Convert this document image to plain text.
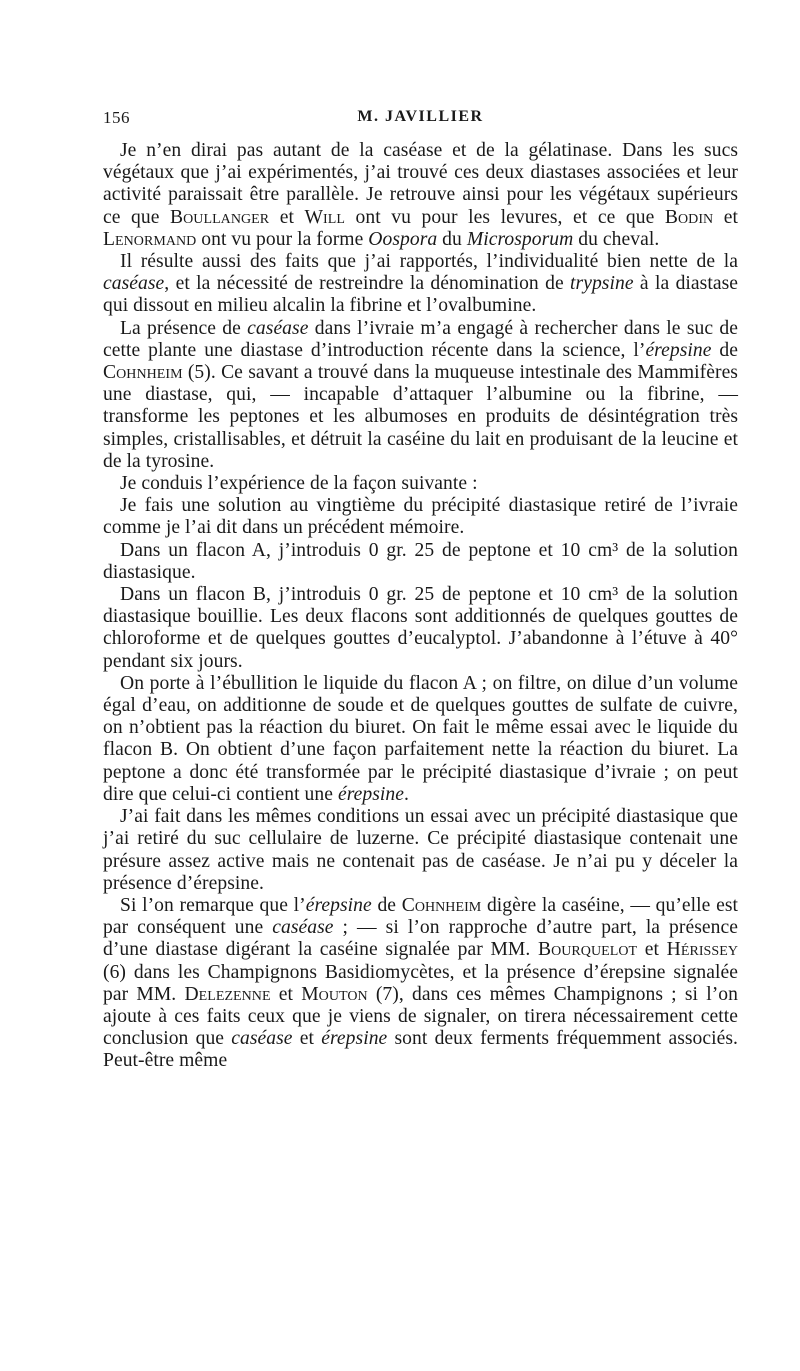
156	M. JAVILLIER

Je n’en dirai pas autant de la caséase et de la gélatinase. Dans les sucs végétaux que j’ai expérimentés, j’ai trouvé ces deux diastases associées et leur activité paraissait être parallèle. Je retrouve ainsi pour les végétaux supérieurs ce que Boullanger et Will ont vu pour les levures, et ce que Bodin et Lenormand ont vu pour la forme Oospora du Microsporum du cheval.

Il résulte aussi des faits que j’ai rapportés, l’individualité bien nette de la caséase, et la nécessité de restreindre la dénomination de trypsine à la diastase qui dissout en milieu alcalin la fibrine et l’ovalbumine.

La présence de caséase dans l’ivraie m’a engagé à rechercher dans le suc de cette plante une diastase d’introduction récente dans la science, l’érepsine de Cohnheim (5). Ce savant a trouvé dans la muqueuse intestinale des Mammifères une diastase, qui, — incapable d’attaquer l’albumine ou la fibrine, — transforme les peptones et les albumoses en produits de désintégration très simples, cristallisables, et détruit la caséine du lait en produisant de la leucine et de la tyrosine.

Je conduis l’expérience de la façon suivante :

Je fais une solution au vingtième du précipité diastasique retiré de l’ivraie comme je l’ai dit dans un précédent mémoire.

Dans un flacon A, j’introduis 0 gr. 25 de peptone et 10 cm³ de la solution diastasique.

Dans un flacon B, j’introduis 0 gr. 25 de peptone et 10 cm³ de la solution diastasique bouillie. Les deux flacons sont additionnés de quelques gouttes de chloroforme et de quelques gouttes d’eucalyptol. J’abandonne à l’étuve à 40° pendant six jours.

On porte à l’ébullition le liquide du flacon A ; on filtre, on dilue d’un volume égal d’eau, on additionne de soude et de quelques gouttes de sulfate de cuivre, on n’obtient pas la réaction du biuret. On fait le même essai avec le liquide du flacon B. On obtient d’une façon parfaitement nette la réaction du biuret. La peptone a donc été transformée par le précipité diastasique d’ivraie ; on peut dire que celui-ci contient une érepsine.

J’ai fait dans les mêmes conditions un essai avec un précipité diastasique que j’ai retiré du suc cellulaire de luzerne. Ce précipité diastasique contenait une présure assez active mais ne contenait pas de caséase. Je n’ai pu y déceler la présence d’érepsine.

Si l’on remarque que l’érepsine de Cohnheim digère la caséine, — qu’elle est par conséquent une caséase ; — si l’on rapproche d’autre part, la présence d’une diastase digérant la caséine signalée par MM. Bourquelot et Hérissey (6) dans les Champignons Basidiomycètes, et la présence d’érepsine signalée par MM. Delezenne et Mouton (7), dans ces mêmes Champignons ; si l’on ajoute à ces faits ceux que je viens de signaler, on tirera nécessairement cette conclusion que caséase et érepsine sont deux ferments fréquemment associés. Peut-être même
